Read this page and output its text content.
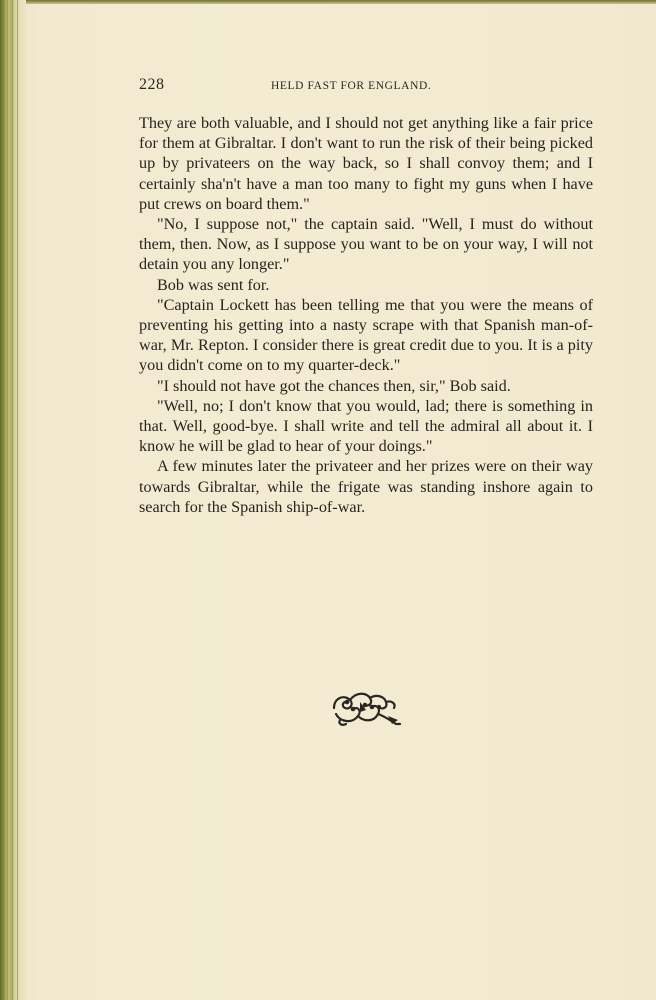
228	HELD FAST FOR ENGLAND.

They are both valuable, and I should not get anything like a fair price for them at Gibraltar. I don't want to run the risk of their being picked up by privateers on the way back, so I shall convoy them; and I certainly sha'n't have a man too many to fight my guns when I have put crews on board them."

"No, I suppose not," the captain said. "Well, I must do without them, then. Now, as I suppose you want to be on your way, I will not detain you any longer."

Bob was sent for.

"Captain Lockett has been telling me that you were the means of preventing his getting into a nasty scrape with that Spanish man-of-war, Mr. Repton. I consider there is great credit due to you. It is a pity you didn't come on to my quarter-deck."

"I should not have got the chances then, sir," Bob said.

"Well, no; I don't know that you would, lad; there is something in that. Well, good-bye. I shall write and tell the admiral all about it. I know he will be glad to hear of your doings."

A few minutes later the privateer and her prizes were on their way towards Gibraltar, while the frigate was standing inshore again to search for the Spanish ship-of-war.
